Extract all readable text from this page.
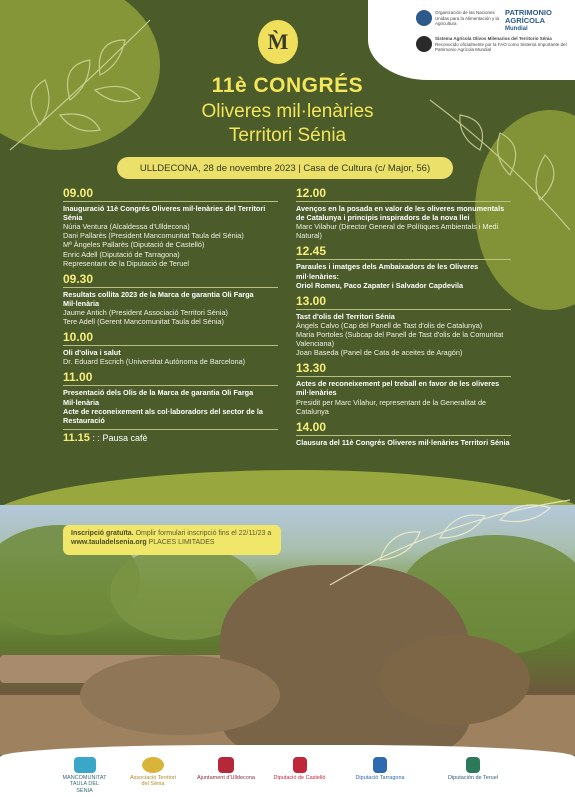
M̀
Organización de las Naciones Unidas para la Alimentación y la Agricultura
Sistema Agrícola Olivos Milenarios del Territorio Sénia
Reconocido oficialmente por la FAO como Sistema Importante del Patrimonio Agrícola Mundial
PATRIMONIO
AGRÍCOLA
Mundial
11è CONGRÉS
Oliveres mil·lenàries
Territori Sénia
ULLDECONA, 28 de novembre 2023 | Casa de Cultura (c/ Major, 56)
09.00
Inauguració 11è Congrés Oliveres mil·lenàries del Territori Sénia
Núria Ventura (Alcaldessa d'Ulldecona)
Dani Pallarès (President Mancomunitat Taula del Sénia)
Mª Àngeles Pallarès (Diputació de Castelló)
Enric Adell (Diputació de Tarragona)
Representant de la Diputació de Teruel
09.30
Resultats collita 2023 de la Marca de garantia Oli Farga Mil·lenària
Jaume Antich (President Associació Territori Sénia)
Tere Adell (Gerent Mancomunitat Taula del Sénia)
10.00
Oli d'oliva i salut
Dr. Eduard Escrich (Universitat Autònoma de Barcelona)
11.00
Presentació dels Olis de la Marca de garantia Oli Farga Mil·lenària
Acte de reconeixement als col·laboradors del sector de la Restauració
11.15 : : Pausa cafè
12.00
Avenços en la posada en valor de les oliveres monumentals de Catalunya i principis inspiradors de la nova llei
Marc Vilahur (Director General de Polítiques Ambientals i Medi Natural)
12.45
Paraules i imatges dels Ambaixadors de les Oliveres mil·lenàries:
Oriol Romeu, Paco Zapater i Salvador Capdevila
13.00
Tast d'olis del Territori Sénia
Àngels Calvo (Cap del Panell de Tast d'olis de Catalunya)
Maria Portoles (Subcap del Panell de Tast d'olis de la Comunitat Valenciana)
Joan Baseda (Panel de Cata de aceites de Aragón)
13.30
Actes de reconeixement pel treball en favor de les oliveres mil·lenàries
Presidit per Marc Vilahur, representant de la Generalitat de Catalunya
14.00
Clausura del 11è Congrés Oliveres mil·lenàries Territori Sénia
Inscripció gratuïta. Omplir formulari inscripció fins el 22/11/23 a www.tauladelsenia.org PLACES LIMITADES
MANCOMUNITAT TAULA DEL SÉNIA
Associació Territori del Sénia
Ajuntament d'Ulldecona	Diputació de Castelló	Diputació Tarragona	Diputación de Teruel
